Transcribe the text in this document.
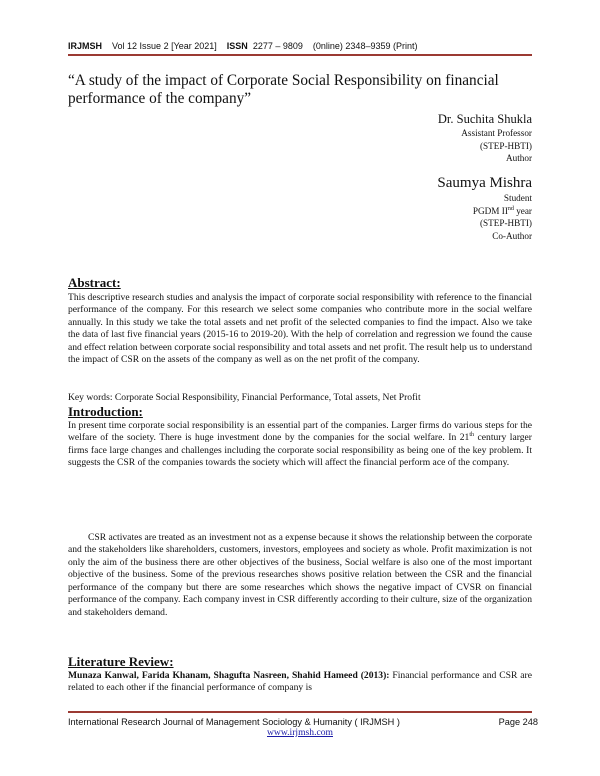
IRJMSH Vol 12 Issue 2 [Year 2021] ISSN 2277 – 9809 (0nline) 2348–9359 (Print)
“A study of the impact of Corporate Social Responsibility on financial performance of the company”
Dr. Suchita Shukla
Assistant Professor
(STEP-HBTI)
Author
Saumya Mishra
Student
PGDM IInd year
(STEP-HBTI)
Co-Author
Abstract:
This descriptive research studies and analysis the impact of corporate social responsibility with reference to the financial performance of the company. For this research we select some companies who contribute more in the social welfare annually. In this study we take the total assets and net profit of the selected companies to find the impact. Also we take the data of last five financial years (2015-16 to 2019-20). With the help of correlation and regression we found the cause and effect relation between corporate social responsibility and total assets and net profit. The result help us to understand the impact of CSR on the assets of the company as well as on the net profit of the company.
Key words: Corporate Social Responsibility, Financial Performance, Total assets, Net Profit
Introduction:
In present time corporate social responsibility is an essential part of the companies. Larger firms do various steps for the welfare of the society. There is huge investment done by the companies for the social welfare. In 21th century larger firms face large changes and challenges including the corporate social responsibility as being one of the key problem. It suggests the CSR of the companies towards the society which will affect the financial perform ace of the company.
CSR activates are treated as an investment not as a expense because it shows the relationship between the corporate and the stakeholders like shareholders, customers, investors, employees and society as whole. Profit maximization is not only the aim of the business there are other objectives of the business, Social welfare is also one of the most important objective of the business. Some of the previous researches shows positive relation between the CSR and the financial performance of the company but there are some researches which shows the negative impact of CVSR on financial performance of the company. Each company invest in CSR differently according to their culture, size of the organization and stakeholders demand.
Literature Review:
Munaza Kanwal, Farida Khanam, Shagufta Nasreen, Shahid Hameed (2013): Financial performance and CSR are related to each other if the financial performance of company is
International Research Journal of Management Sociology & Humanity ( IRJMSH )	Page 248
www.irjmsh.com
